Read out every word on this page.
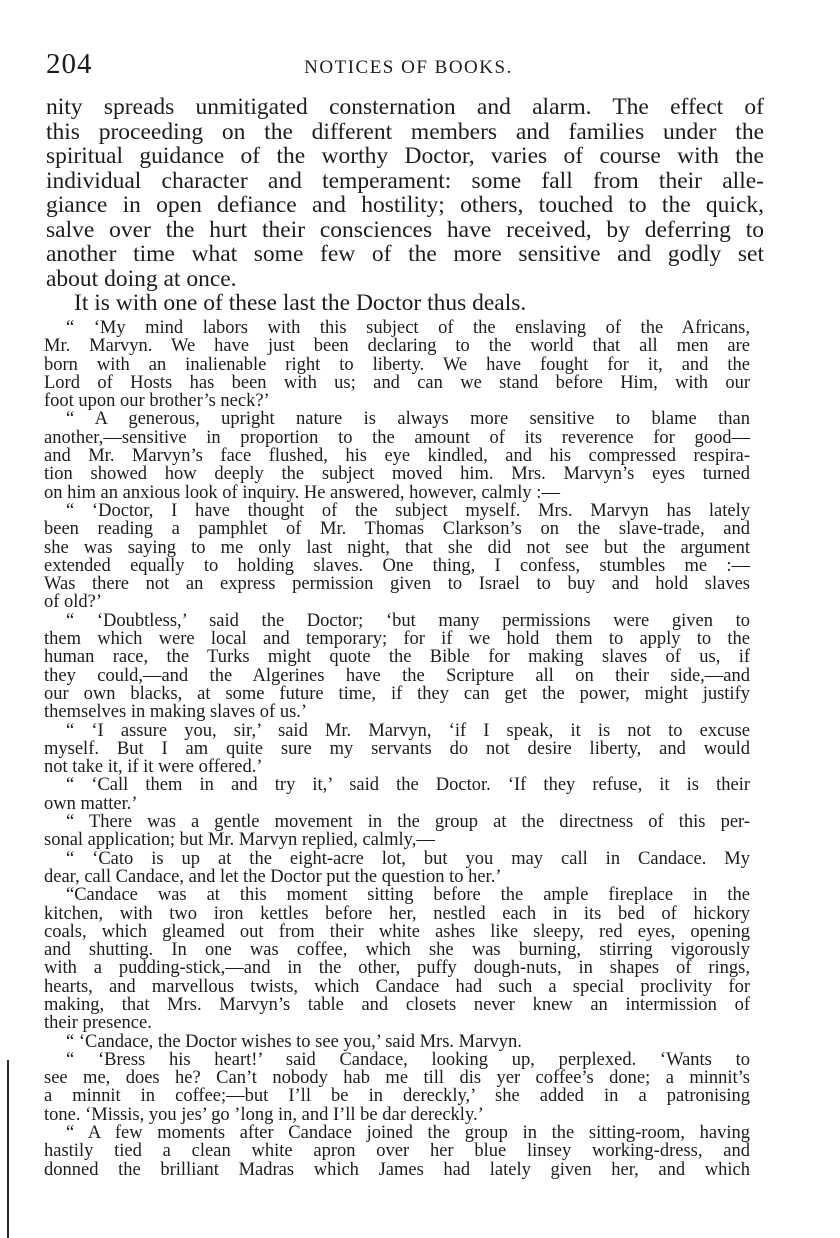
204	NOTICES OF BOOKS.

nity spreads unmitigated consternation and alarm. The effect of

this proceeding on the different members and families under the

spiritual guidance of the worthy Doctor, varies of course with the

individual character and temperament: some fall from their alle-

giance in open defiance and hostility; others, touched to the quick,

salve over the hurt their consciences have received, by deferring to

another time what some few of the more sensitive and godly set

about doing at once.

It is with one of these last the Doctor thus deals.

“ ‘My mind labors with this subject of the enslaving of the Africans,

Mr. Marvyn. We have just been declaring to the world that all men are

born with an inalienable right to liberty. We have fought for it, and the

Lord of Hosts has been with us; and can we stand before Him, with our

foot upon our brother’s neck?’

“ A generous, upright nature is always more sensitive to blame than

another,—sensitive in proportion to the amount of its reverence for good—

and Mr. Marvyn’s face flushed, his eye kindled, and his compressed respira-

tion showed how deeply the subject moved him. Mrs. Marvyn’s eyes turned

on him an anxious look of inquiry. He answered, however, calmly :—

“ ‘Doctor, I have thought of the subject myself. Mrs. Marvyn has lately

been reading a pamphlet of Mr. Thomas Clarkson’s on the slave-trade, and

she was saying to me only last night, that she did not see but the argument

extended equally to holding slaves. One thing, I confess, stumbles me :—

Was there not an express permission given to Israel to buy and hold slaves

of old?’

“ ‘Doubtless,’ said the Doctor; ‘but many permissions were given to

them which were local and temporary; for if we hold them to apply to the

human race, the Turks might quote the Bible for making slaves of us, if

they could,—and the Algerines have the Scripture all on their side,—and

our own blacks, at some future time, if they can get the power, might justify

themselves in making slaves of us.’

“ ‘I assure you, sir,’ said Mr. Marvyn, ‘if I speak, it is not to excuse

myself. But I am quite sure my servants do not desire liberty, and would

not take it, if it were offered.’

“ ‘Call them in and try it,’ said the Doctor. ‘If they refuse, it is their

own matter.’

“ There was a gentle movement in the group at the directness of this per-

sonal application; but Mr. Marvyn replied, calmly,—

“ ‘Cato is up at the eight-acre lot, but you may call in Candace. My

dear, call Candace, and let the Doctor put the question to her.’

“Candace was at this moment sitting before the ample fireplace in the

kitchen, with two iron kettles before her, nestled each in its bed of hickory

coals, which gleamed out from their white ashes like sleepy, red eyes, opening

and shutting. In one was coffee, which she was burning, stirring vigorously

with a pudding-stick,—and in the other, puffy dough-nuts, in shapes of rings,

hearts, and marvellous twists, which Candace had such a special proclivity for

making, that Mrs. Marvyn’s table and closets never knew an intermission of

their presence.

“ ‘Candace, the Doctor wishes to see you,’ said Mrs. Marvyn.

“ ‘Bress his heart!’ said Candace, looking up, perplexed. ‘Wants to

see me, does he? Can’t nobody hab me till dis yer coffee’s done; a minnit’s

a minnit in coffee;—but I’ll be in dereckly,’ she added in a patronising

tone. ‘Missis, you jes’ go ’long in, and I’ll be dar dereckly.’

“ A few moments after Candace joined the group in the sitting-room, having

hastily tied a clean white apron over her blue linsey working-dress, and

donned the brilliant Madras which James had lately given her, and which
